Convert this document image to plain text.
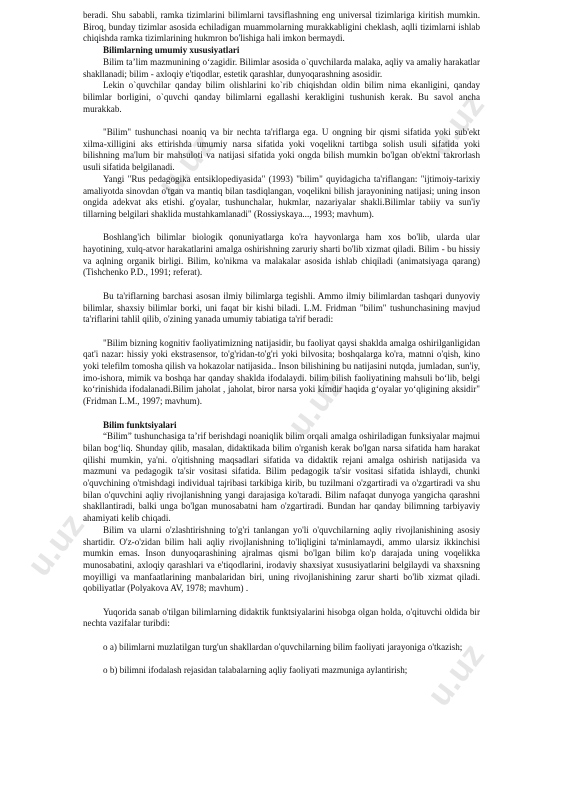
u.uz
u.uz
u.uz
u.uz
u.uz

beradi. Shu sababli, ramka tizimlarini bilimlarni tavsiflashning eng universal tizimlariga kiritish mumkin. Biroq, bunday tizimlar asosida echiladigan muammolarning murakkabligini cheklash, aqlli tizimlarni ishlab chiqishda ramka tizimlarining hukmron bo'lishiga hali imkon bermaydi.

Bilimlarning umumiy xususiyatlari

Bilim ta’lim mazmunining o‘zagidir. Bilimlar asosida o`quvchilarda malaka, aqliy va amaliy harakatlar shakllanadi; bilim - axloqiy e'tiqodlar, estetik qarashlar, dunyoqarashning asosidir.

Lekin o`quvchilar qanday bilim olishlarini ko`rib chiqishdan oldin bilim nima ekanligini, qanday bilimlar borligini, o`quvchi qanday bilimlarni egallashi kerakligini tushunish kerak. Bu savol ancha murakkab.

"Bilim" tushunchasi noaniq va bir nechta ta'riflarga ega. U ongning bir qismi sifatida yoki sub'ekt xilma-xilligini aks ettirishda umumiy narsa sifatida yoki voqelikni tartibga solish usuli sifatida yoki bilishning ma'lum bir mahsuloti va natijasi sifatida yoki ongda bilish mumkin bo'lgan ob'ektni takrorlash usuli sifatida belgilanadi.

Yangi "Rus pedagogika entsiklopediyasida" (1993) "bilim" quyidagicha ta'riflangan: "ijtimoiy-tarixiy amaliyotda sinovdan o'tgan va mantiq bilan tasdiqlangan, voqelikni bilish jarayonining natijasi; uning inson ongida adekvat aks etishi. g'oyalar, tushunchalar, hukmlar, nazariyalar shakli.Bilimlar tabiiy va sun'iy tillarning belgilari shaklida mustahkamlanadi" (Rossiyskaya..., 1993; mavhum).

Boshlang'ich bilimlar biologik qonuniyatlarga ko'ra hayvonlarga ham xos bo'lib, ularda ular hayotining, xulq-atvor harakatlarini amalga oshirishning zaruriy sharti bo'lib xizmat qiladi. Bilim - bu hissiy va aqlning organik birligi. Bilim, ko'nikma va malakalar asosida ishlab chiqiladi (animatsiyaga qarang) (Tishchenko P.D., 1991; referat).

Bu ta'riflarning barchasi asosan ilmiy bilimlarga tegishli. Ammo ilmiy bilimlardan tashqari dunyoviy bilimlar, shaxsiy bilimlar borki, uni faqat bir kishi biladi. L.M. Fridman "bilim" tushunchasining mavjud ta'riflarini tahlil qilib, o'zining yanada umumiy tabiatiga ta'rif beradi:

"Bilim bizning kognitiv faoliyatimizning natijasidir, bu faoliyat qaysi shaklda amalga oshirilganligidan qat'i nazar: hissiy yoki ekstrasensor, to'g'ridan-to'g'ri yoki bilvosita; boshqalarga ko'ra, matnni o'qish, kino yoki telefilm tomosha qilish va hokazolar natijasida.. Inson bilishining bu natijasini nutqda, jumladan, sun'iy, imo-ishora, mimik va boshqa har qanday shaklda ifodalaydi. bilim bilish faoliyatining mahsuli bo‘lib, belgi ko‘rinishida ifodalanadi.Bilim jaholat , jaholat, biror narsa yoki kimdir haqida g‘oyalar yo‘qligining aksidir" (Fridman L.M., 1997; mavhum).

Bilim funktsiyalari

“Bilim” tushunchasiga ta’rif berishdagi noaniqlik bilim orqali amalga oshiriladigan funksiyalar majmui bilan bog‘liq. Shunday qilib, masalan, didaktikada bilim o'rganish kerak bo'lgan narsa sifatida ham harakat qilishi mumkin, ya'ni. o'qitishning maqsadlari sifatida va didaktik rejani amalga oshirish natijasida va mazmuni va pedagogik ta'sir vositasi sifatida. Bilim pedagogik ta'sir vositasi sifatida ishlaydi, chunki o'quvchining o'tmishdagi individual tajribasi tarkibiga kirib, bu tuzilmani o'zgartiradi va o'zgartiradi va shu bilan o'quvchini aqliy rivojlanishning yangi darajasiga ko'taradi. Bilim nafaqat dunyoga yangicha qarashni shakllantiradi, balki unga bo'lgan munosabatni ham o'zgartiradi. Bundan har qanday bilimning tarbiyaviy ahamiyati kelib chiqadi.

Bilim va ularni o'zlashtirishning to'g'ri tanlangan yo'li o'quvchilarning aqliy rivojlanishining asosiy shartidir. O'z-o'zidan bilim hali aqliy rivojlanishning to'liqligini ta'minlamaydi, ammo ularsiz ikkinchisi mumkin emas. Inson dunyoqarashining ajralmas qismi bo'lgan bilim ko'p darajada uning voqelikka munosabatini, axloqiy qarashlari va e'tiqodlarini, irodaviy shaxsiyat xususiyatlarini belgilaydi va shaxsning moyilligi va manfaatlarining manbalaridan biri, uning rivojlanishining zarur sharti bo'lib xizmat qiladi. qobiliyatlar (Polyakova AV, 1978; mavhum) .

Yuqorida sanab o'tilgan bilimlarning didaktik funktsiyalarini hisobga olgan holda, o'qituvchi oldida bir nechta vazifalar turibdi:

o a) bilimlarni muzlatilgan turg'un shakllardan o'quvchilarning bilim faoliyati jarayoniga o'tkazish;

o b) bilimni ifodalash rejasidan talabalarning aqliy faoliyati mazmuniga aylantirish;
